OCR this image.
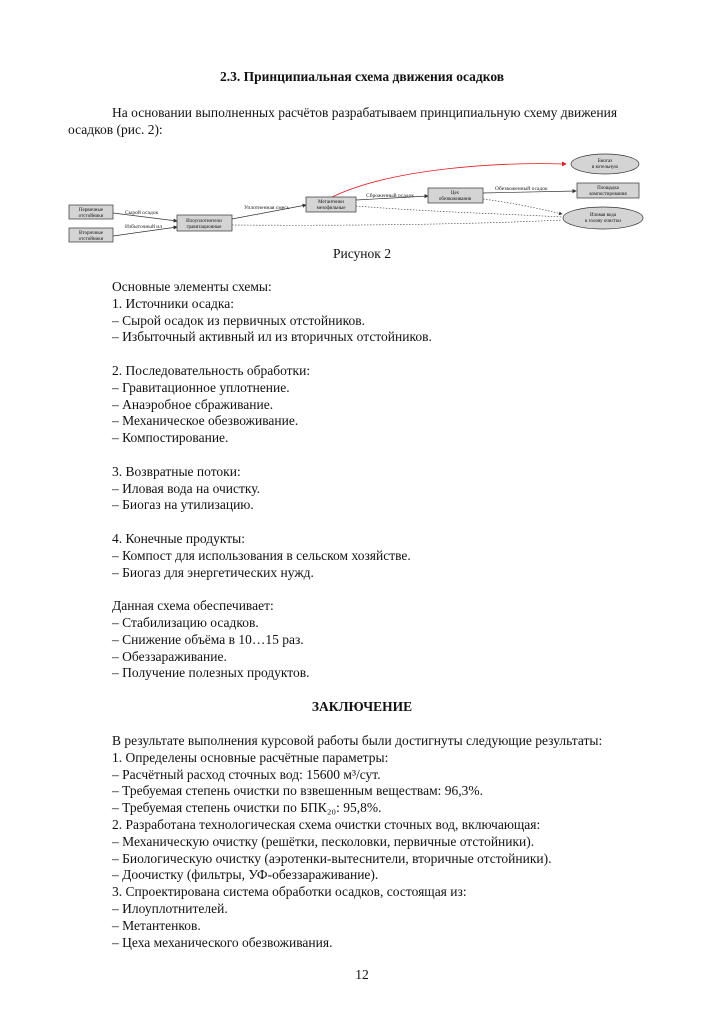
2.3. Принципиальная схема движения осадков
На основании выполненных расчётов разрабатываем принципиальную схему движения
осадков (рис. 2):
Сырой осадок
Избыточный ил
Уплотненная смесь
Сброженный осадок
Обезвоженный осадок
Первичные
отстойники
Вторичные
отстойники
Илоуплотнители
гравитационные
Метантенки
мезофильные
Цех
обезвоживания
Биогаз
в котельную
Площадка
компостирования
Иловая вода
в голову очистки
Рисунок 2
Основные элементы схемы:
1. Источники осадка:
– Сырой осадок из первичных отстойников.
– Избыточный активный ил из вторичных отстойников.
2. Последовательность обработки:
– Гравитационное уплотнение.
– Анаэробное сбраживание.
– Механическое обезвоживание.
– Компостирование.
3. Возвратные потоки:
– Иловая вода на очистку.
– Биогаз на утилизацию.
4. Конечные продукты:
– Компост для использования в сельском хозяйстве.
– Биогаз для энергетических нужд.
Данная схема обеспечивает:
– Стабилизацию осадков.
– Снижение объёма в 10…15 раз.
– Обеззараживание.
– Получение полезных продуктов.
ЗАКЛЮЧЕНИЕ
В результате выполнения курсовой работы были достигнуты следующие результаты:
1. Определены основные расчётные параметры:
– Расчётный расход сточных вод: 15600 м³/сут.
– Требуемая степень очистки по взвешенным веществам: 96,3%.
– Требуемая степень очистки по БПК₂₀: 95,8%.
2. Разработана технологическая схема очистки сточных вод, включающая:
– Механическую очистку (решётки, песколовки, первичные отстойники).
– Биологическую очистку (аэротенки-вытеснители, вторичные отстойники).
– Доочистку (фильтры, УФ-обеззараживание).
3. Спроектирована система обработки осадков, состоящая из:
– Илоуплотнителей.
– Метантенков.
– Цеха механического обезвоживания.
12
